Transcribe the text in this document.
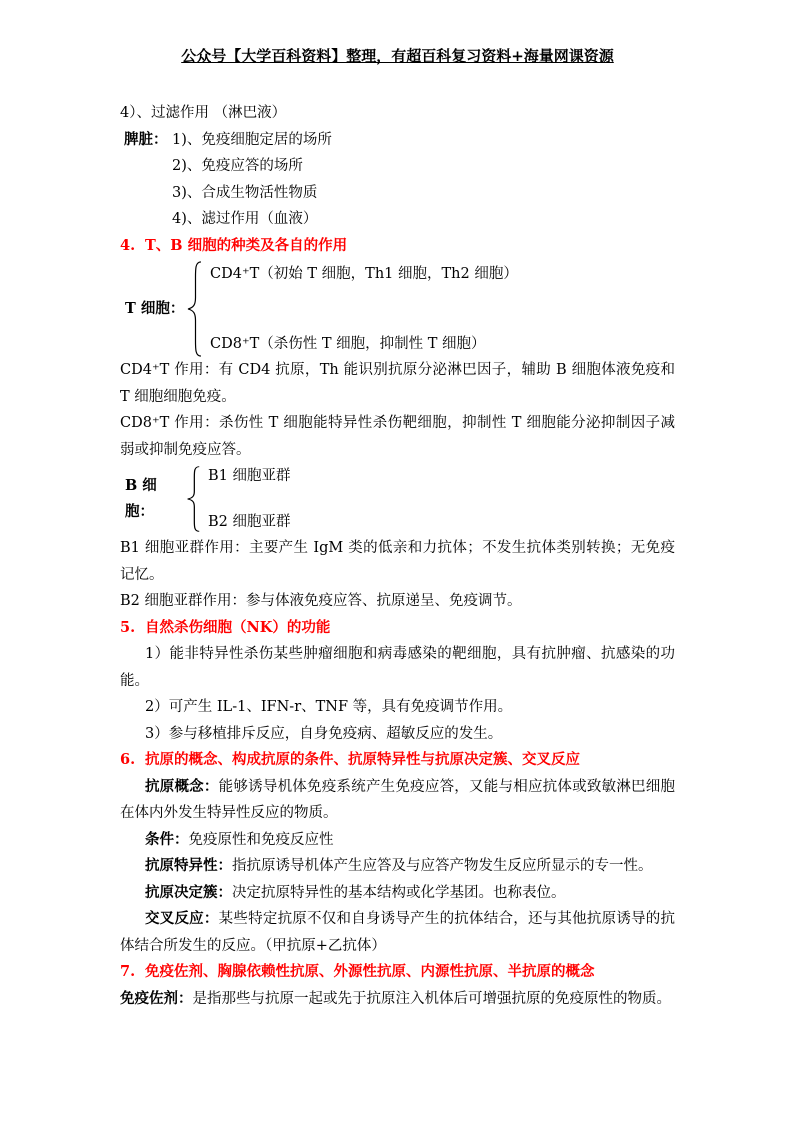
公众号【大学百科资料】整理，有超百科复习资料+海量网课资源

4）、过滤作用 （淋巴液）

脾脏： 1)、免疫细胞定居的场所

2)、免疫应答的场所

3)、合成生物活性物质

4)、滤过作用（血液）

4. T、B 细胞的种类及各自的作用
T 细胞：
CD4⁺T（初始 T 细胞，Th1 细胞，Th2 细胞）
CD8⁺T（杀伤性 T 细胞，抑制性 T 细胞）

CD4⁺T 作用：有 CD4 抗原，Th 能识别抗原分泌淋巴因子，辅助 B 细胞体液免疫和 T 细胞细胞免疫。

CD8⁺T 作用：杀伤性 T 细胞能特异性杀伤靶细胞，抑制性 T 细胞能分泌抑制因子减弱或抑制免疫应答。

B 细胞：
B1 细胞亚群
B2 细胞亚群

B1 细胞亚群作用：主要产生 IgM 类的低亲和力抗体；不发生抗体类别转换；无免疫记忆。

B2 细胞亚群作用：参与体液免疫应答、抗原递呈、免疫调节。

5. 自然杀伤细胞（NK）的功能

1）能非特异性杀伤某些肿瘤细胞和病毒感染的靶细胞，具有抗肿瘤、抗感染的功能。

2）可产生 IL-1、IFN-r、TNF 等，具有免疫调节作用。

3）参与移植排斥反应，自身免疫病、超敏反应的发生。

6. 抗原的概念、构成抗原的条件、抗原特异性与抗原决定簇、交叉反应

抗原概念：能够诱导机体免疫系统产生免疫应答，又能与相应抗体或致敏淋巴细胞在体内外发生特异性反应的物质。

条件：免疫原性和免疫反应性

抗原特异性：指抗原诱导机体产生应答及与应答产物发生反应所显示的专一性。

抗原决定簇：决定抗原特异性的基本结构或化学基团。也称表位。

交叉反应：某些特定抗原不仅和自身诱导产生的抗体结合，还与其他抗原诱导的抗体结合所发生的反应。（甲抗原+乙抗体）

7. 免疫佐剂、胸腺依赖性抗原、外源性抗原、内源性抗原、半抗原的概念

免疫佐剂：是指那些与抗原一起或先于抗原注入机体后可增强抗原的免疫原性的物质。
